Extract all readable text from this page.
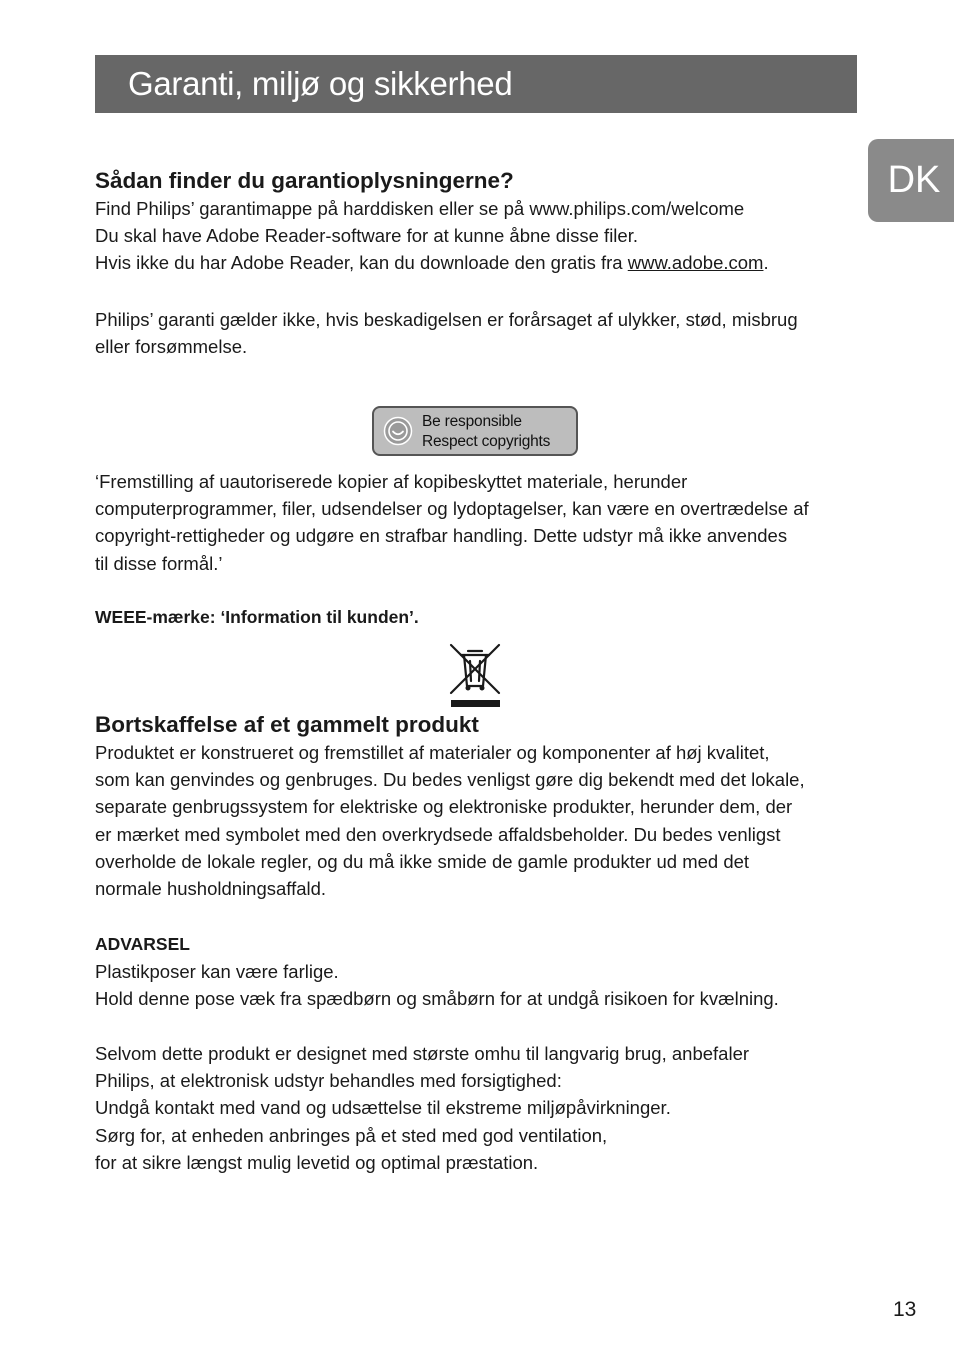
Garanti, miljø og sikkerhed
DK

Sådan finder du garantioplysningerne?

Find Philips’ garantimappe på harddisken eller se på www.philips.com/welcome

Du skal have Adobe Reader-software for at kunne åbne disse filer.

Hvis ikke du har Adobe Reader, kan du downloade den gratis fra www.adobe.com.

Philips’ garanti gælder ikke, hvis beskadigelsen er forårsaget af ulykker, stød, misbrug

eller forsømmelse.

Be responsible
Respect copyrights

‘Fremstilling af uautoriserede kopier af kopibeskyttet materiale, herunder

computerprogrammer, filer, udsendelser og lydoptagelser, kan være en overtrædelse af

copyright-rettigheder og udgøre en strafbar handling. Dette udstyr må ikke anvendes

til disse formål.’

WEEE-mærke: ‘Information til kunden’.

Bortskaffelse af et gammelt produkt

Produktet er konstrueret og fremstillet af materialer og komponenter af høj kvalitet,

som kan genvindes og genbruges. Du bedes venligst gøre dig bekendt med det lokale,

separate genbrugssystem for elektriske og elektroniske produkter, herunder dem, der

er mærket med symbolet med den overkrydsede affaldsbeholder. Du bedes venligst

overholde de lokale regler, og du må ikke smide de gamle produkter ud med det

normale husholdningsaffald.

ADVARSEL

Plastikposer kan være farlige.

Hold denne pose væk fra spædbørn og småbørn for at undgå risikoen for kvælning.

Selvom dette produkt er designet med største omhu til langvarig brug, anbefaler

Philips, at elektronisk udstyr behandles med forsigtighed:

Undgå kontakt med vand og udsættelse til ekstreme miljøpåvirkninger.

Sørg for, at enheden anbringes på et sted med god ventilation,

for at sikre længst mulig levetid og optimal præstation.

13
